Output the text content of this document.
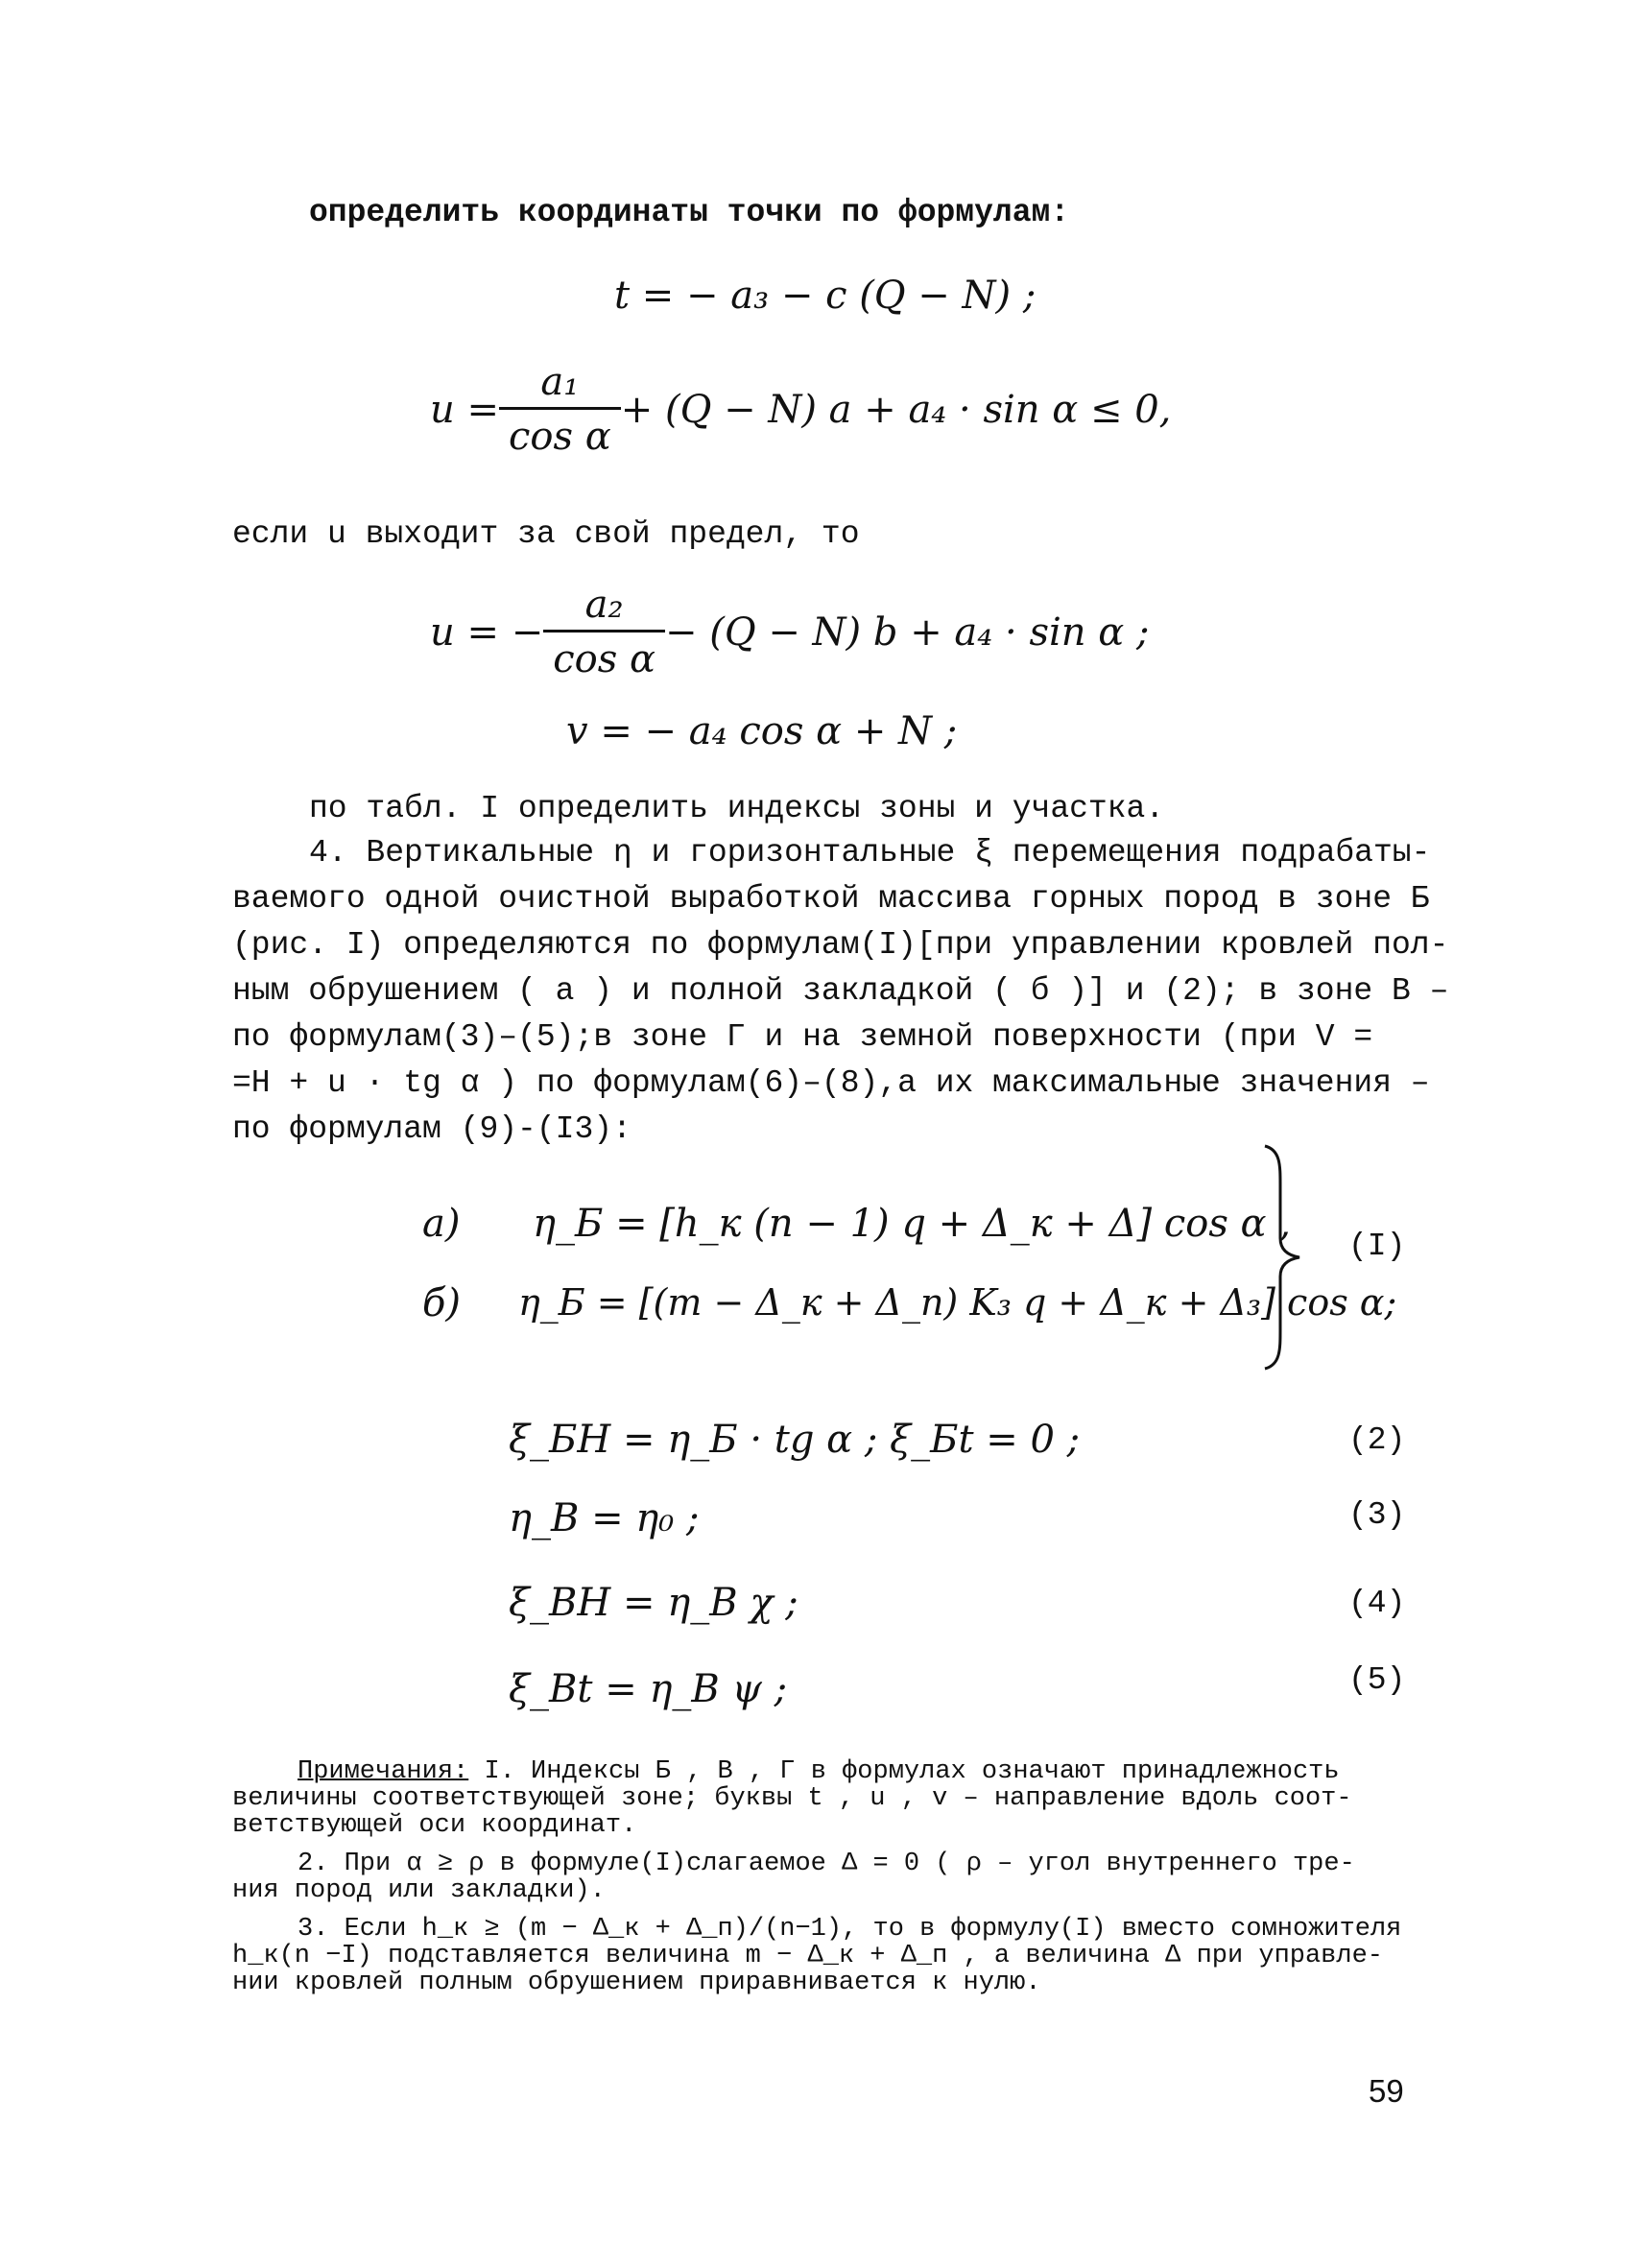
определить координаты точки по формулам:
t = − a₃ − c (Q − N) ;
$u = \frac{\text{a₁}}{\text{cos α}} + (Q - N) a + a_4 \cdot \sin \alpha \le 0$,
если u выходит за свой предел, то
u = − $\frac{\text{a₂}}{\text{cos α}} - (Q - N) b + a_4 \cdot \sin \alpha$ ;
v = − a₄ cos α + N ;
по табл. I определить индексы зоны и участка.
4. Вертикальные η и горизонтальные ξ перемещения подрабаты-
ваемого одной очистной выработкой массива горных пород в зоне Б
(рис. I) определяются по формулам(I)[при управлении кровлей пол-
ным обрушением ( а ) и полной закладкой ( б )] и (2); в зоне В –
по формулам(3)–(5);в зоне Г и на земной поверхности (при V =
=H + u · tg α ) по формулам(6)–(8),а их максимальные значения –
по формулам (9)-(I3):
а) η_Б = [h_к (n − 1) q + Δ_к + Δ] cos α ,
б) η_Б = [(m − Δ_к + Δ_п) K₃ q + Δ_к + Δ₃] cos α;
(I)
ξ_БН = η_Б · tg α ; ξ_Бt = 0 ;	(2)
η_В = η₀ ;	(3)
ξ_ВН = η_В χ ;	(4)
ξ_Вt = η_В ψ ;	(5)
Примечания: I. Индексы Б , В , Г в формулах означают принадлежность
величины соответствующей зоне; буквы t , u , v – направление вдоль соот-
ветствующей оси координат.
2. При α ≥ ρ в формуле(I)слагаемое Δ = 0 ( ρ – угол внутреннего тре-
ния пород или закладки).
3. Если h_к ≥ (m − Δ_к + Δ_п)/(n−1), то в формулу(I) вместо сомножителя
h_к(n −I) подставляется величина m − Δ_к + Δ_п , а величина Δ при управле-
нии кровлей полным обрушением приравнивается к нулю.
59
